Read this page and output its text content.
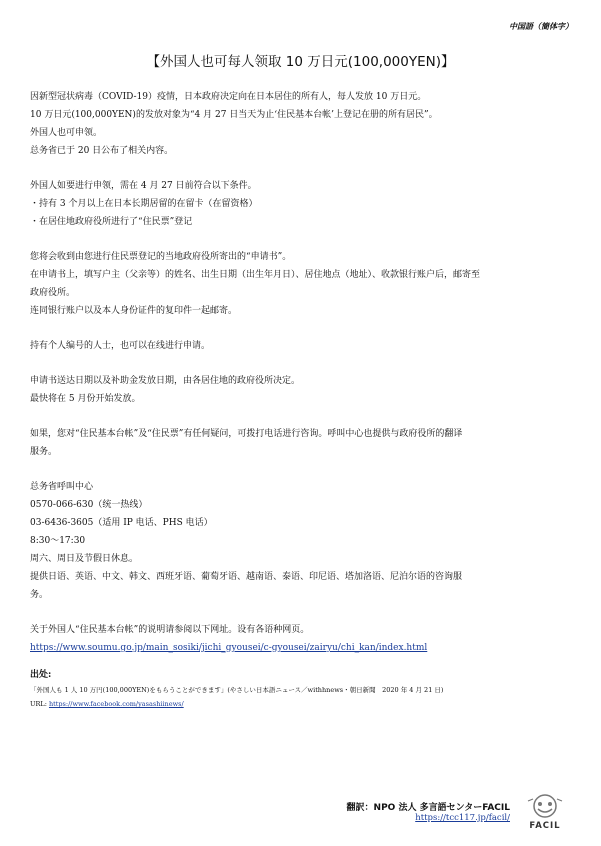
中国語（簡体字）
【外国人也可每人领取 10 万日元(100,000YEN)】
因新型冠状病毒（COVID-19）疫情，日本政府决定向在日本居住的所有人，每人发放 10 万日元。
10 万日元(100,000YEN)的发放对象为“4 月 27 日当天为止‘住民基本台帐’上登记在册的所有居民”。
外国人也可申领。
总务省已于 20 日公布了相关内容。
外国人如要进行申领，需在 4 月 27 日前符合以下条件。
・持有 3 个月以上在日本长期居留的在留卡（在留资格）
・在居住地政府役所进行了“住民票”登记
您将会收到由您进行住民票登记的当地政府役所寄出的“申请书”。
在申请书上，填写户主（父亲等）的姓名、出生日期（出生年月日）、居住地点（地址）、收款银行账户后，邮寄至
政府役所。
连同银行账户以及本人身份证件的复印件一起邮寄。
持有个人编号的人士，也可以在线进行申请。
申请书送达日期以及补助金发放日期，由各居住地的政府役所决定。
最快将在 5 月份开始发放。
如果，您对“住民基本台帐”及“住民票”有任何疑问，可拨打电话进行咨询。呼叫中心也提供与政府役所的翻译
服务。
总务省呼叫中心
0570-066-630（统一热线）
03-6436-3605（适用 IP 电话、PHS 电话）
8:30～17:30
周六、周日及节假日休息。
提供日语、英语、中文、韩文、西班牙语、葡萄牙语、越南语、泰语、印尼语、塔加洛语、尼泊尔语的咨询服
务。
关于外国人“住民基本台帐”的说明请参阅以下网址。设有各语种网页。
https://www.soumu.go.jp/main_sosiki/jichi_gyousei/c-gyousei/zairyu/chi_kan/index.html
出处:
「外国人も 1 人 10 万円(100,000YEN)をもらうことができます」(やさしい日本語ニュース／withhnews・朝日新聞　2020 年 4 月 21 日)
URL: https://www.facebook.com/yasashiinews/
翻訳：NPO 法人 多言語センターFACIL
https://tcc117.jp/facil/
FACIL
